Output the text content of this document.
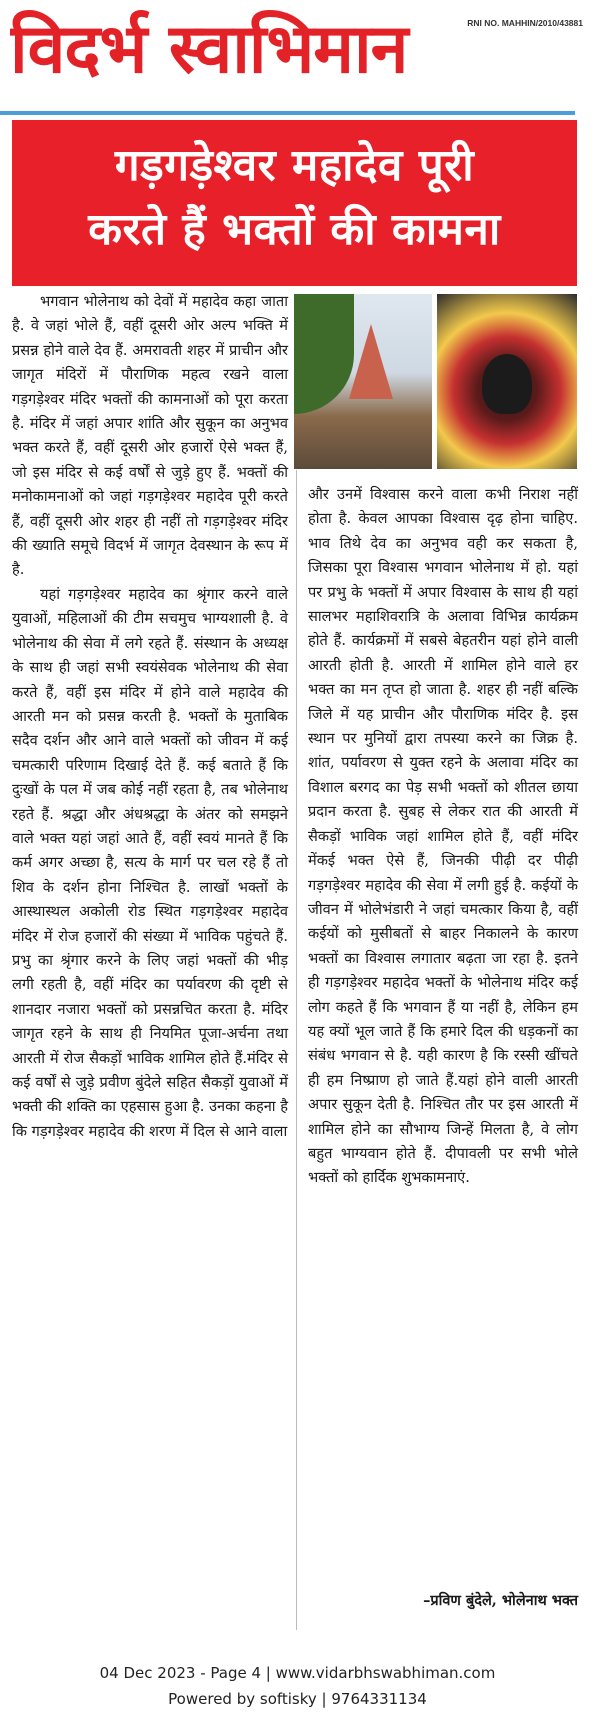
विदर्भ स्वाभिमान	RNI NO. MAHHIN/2010/43881
गड़गड़ेश्वर महादेव पूरी
करते हैं भक्तों की कामना

भगवान भोलेनाथ को देवों में महादेव कहा जाता है. वे जहां भोले हैं, वहीं दूसरी ओर अल्प भक्ति में प्रसन्न होने वाले देव हैं. अमरावती शहर में प्राचीन और जागृत मंदिरों में पौराणिक महत्व रखने वाला गड़गड़ेश्वर मंदिर भक्तों की कामनाओं को पूरा करता है. मंदिर में जहां अपार शांति और सुकून का अनुभव भक्त करते हैं, वहीं दूसरी ओर हजारों ऐसे भक्त हैं, जो इस मंदिर से कई वर्षों से जुड़े हुए हैं. भक्तों की मनोकामनाओं को जहां गड़गड़ेश्वर महादेव पूरी करते हैं, वहीं दूसरी ओर शहर ही नहीं तो गड़गड़ेश्वर मंदिर की ख्याति समूचे विदर्भ में जागृत देवस्थान के रूप में है.

यहां गड़गड़ेश्वर महादेव का श्रृंगार करने वाले युवाओं, महिलाओं की टीम सचमुच भाग्यशाली है. वे भोलेनाथ की सेवा में लगे रहते हैं. संस्थान के अध्यक्ष के साथ ही जहां सभी स्वयंसेवक भोलेनाथ की सेवा करते हैं, वहीं इस मंदिर में होने वाले महादेव की आरती मन को प्रसन्न करती है. भक्तों के मुताबिक सदैव दर्शन और आने वाले भक्तों को जीवन में कई चमत्कारी परिणाम दिखाई देते हैं. कई बताते हैं कि दुःखों के पल में जब कोई नहीं रहता है, तब भोलेनाथ रहते हैं. श्रद्धा और अंधश्रद्धा के अंतर को समझने वाले भक्त यहां जहां आते हैं, वहीं स्वयं मानते हैं कि कर्म अगर अच्छा है, सत्य के मार्ग पर चल रहे हैं तो शिव के दर्शन होना निश्चित है. लाखों भक्तों के आस्थास्थल अकोली रोड स्थित गड़गड़ेश्वर महादेव मंदिर में रोज हजारों की संख्या में भाविक पहुंचते हैं. प्रभु का श्रृंगार करने के लिए जहां भक्तों की भीड़ लगी रहती है, वहीं मंदिर का पर्यावरण की दृष्टी से शानदार नजारा भक्तों को प्रसन्नचित करता है. मंदिर जागृत रहने के साथ ही नियमित पूजा-अर्चना तथा आरती में रोज सैकड़ों भाविक शामिल होते हैं.मंदिर से कई वर्षों से जुड़े प्रवीण बुंदेले सहित सैकड़ों युवाओं में भक्ती की शक्ति का एहसास हुआ है. उनका कहना है कि गड़गड़ेश्वर महादेव की शरण में दिल से आने वाला

और उनमें विश्वास करने वाला कभी निराश नहीं होता है. केवल आपका विश्वास दृढ़ होना चाहिए. भाव तिथे देव का अनुभव वही कर सकता है, जिसका पूरा विश्वास भगवान भोलेनाथ में हो. यहां पर प्रभु के भक्तों में अपार विश्वास के साथ ही यहां सालभर महाशिवरात्रि के अलावा विभिन्न कार्यक्रम होते हैं. कार्यक्रमों में सबसे बेहतरीन यहां होने वाली आरती होती है. आरती में शामिल होने वाले हर भक्त का मन तृप्त हो जाता है. शहर ही नहीं बल्कि जिले में यह प्राचीन और पौराणिक मंदिर है. इस स्थान पर मुनियों द्वारा तपस्या करने का जिक्र है. शांत, पर्यावरण से युक्त रहने के अलावा मंदिर का विशाल बरगद का पेड़ सभी भक्तों को शीतल छाया प्रदान करता है. सुबह से लेकर रात की आरती में सैकड़ों भाविक जहां शामिल होते हैं, वहीं मंदिर मेंकई भक्त ऐसे हैं, जिनकी पीढ़ी दर पीढ़ी गड़गड़ेश्वर महादेव की सेवा में लगी हुई है. कईयों के जीवन में भोलेभंडारी ने जहां चमत्कार किया है, वहीं कईयों को मुसीबतों से बाहर निकालने के कारण भक्तों का विश्वास लगातार बढ़ता जा रहा है. इतने ही गड़गड़ेश्वर महादेव भक्तों के भोलेनाथ मंदिर कई लोग कहते हैं कि भगवान हैं या नहीं है, लेकिन हम यह क्यों भूल जाते हैं कि हमारे दिल की धड़कनों का संबंध भगवान से है. यही कारण है कि रस्सी खींचते ही हम निष्प्राण हो जाते हैं.यहां होने वाली आरती अपार सुकून देती है. निश्चित तौर पर इस आरती में शामिल होने का सौभाग्य जिन्हें मिलता है, वे लोग बहुत भाग्यवान होते हैं. दीपावली पर सभी भोले भक्तों को हार्दिक शुभकामनाएं.

–प्रविण बुंदेले, भोलेनाथ भक्त
04 Dec 2023 - Page 4 | www.vidarbhswabhiman.com
Powered by softisky | 9764331134
